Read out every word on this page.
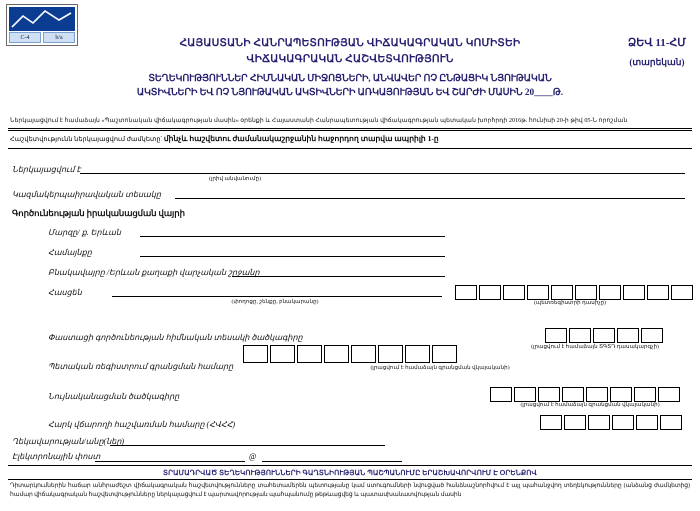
C-4	b/a
ՀԱՅԱՍՏԱՆԻ ՀԱՆՐԱՊԵՏՈՒԹՅԱՆ ՎԻՃԱԿԱԳՐԱԿԱՆ ԿՈՄԻՏԵԻ
ՎԻՃԱԿԱԳՐԱԿԱՆ ՀԱՇՎԵՏՎՈՒԹՅՈՒՆ
ՏԵՂԵԿՈՒԹՅՈՒՆՆԵՐ ՀԻՄՆԱԿԱՆ ՄԻՋՈՑՆԵՐԻ, ԱՆՎԱՎԵՐ ՈՉ ԸՆԹԱՑԻԿ ՆՅՈՒԹԱԿԱՆ
ԱԿՏԻՎՆԵՐԻ ԵՎ ՈՉ ՆՅՈՒԹԱԿԱՆ ԱԿՏԻՎՆԵՐԻ ԱՌԿԱՅՈՒԹՅԱՆ ԵՎ ՇԱՐԺԻ ՄԱՍԻՆ 20____Թ.
ՁԵՎ 11-ՀՄ
(տարեկան)
Ներկայացվում է համաձայն «Պաշտոնական վիճակագրության մասին» օրենքի և Հայաստանի Հանրապետության վիճակագրության պետական խորհրդի 2016թ. հունիսի 20-ի թիվ 05-Ն որոշման
Հաշվետվությունն ներկայացվում ժամկետը՝ մինչև հաշվետու ժամանակաշրջանին հաջորդող տարվա ապրիլի 1-ը
Ներկայացվում է
(լրիվ անվանումը)
Կազմակերպաիրավական տեսակը
Գործունեության իրականացման վայրի
Մարզը/ ք. Երևան
Համայնքը
Բնակավայրը /Երևան քաղաքի վարչական շրջանը
Հասցեն
(փողոցը, շենքը, բնակարանը)	(պետռեգիստրի դասիչը)
Փաստացի գործունեության հիմնական տեսակի ծածկագիրը
(լրացվում է համաձայն ՏԳՏԴ դասակարգչի)
Պետական ռեգիստրում գրանցման համարը	(լրացվում է համաձայն գրանցման վկայականի)
Նույնականացման ծածկագիրը
(լրացվում է համաձայն գրանցման վկայականի)
Հարկ վճարողի հաշվառման համարը (ՀՎՀՀ)
Ղեկավարության/անը(ներ)
Էլեկտրոնային փոստ	@
ՏՐԱՄԱԴՐՎԱԾ ՏԵՂԵԿՈՒԹՅՈՒՆՆԵՐԻ ԳԱՂՏՆԻՈՒԹՅԱՆ ՊԱՇՊԱՆՈՒՄԸ ԵՐԱՇԽԱՎՈՐՎՈՒՄ Է ՕՐԵՆՔՈՎ
Դիտարկումներին հաճար անհրաժեշտ վիճակագրական հաշվետվությունները տահետամերեն պետությանը կամ ստուգումների նվուցված հանձնաշնորհվում է այլ պահանջվող տեղեկությունները (անձանց ժամկետից) համար վիճակագրական հաշվետվությունները ներկայացվում է պարտավորության պահպանումը թեթևացվեց և պատասխանատվության մասին
